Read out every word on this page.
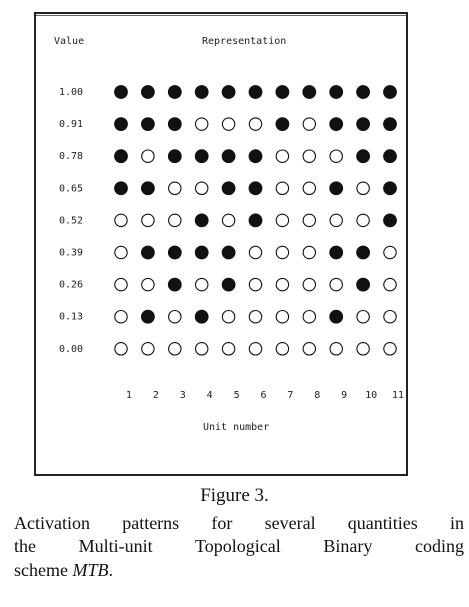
Value	Representation
1.00
0.91
0.78
0.65
0.52
0.39
0.26
0.13
0.00
1 2 3 4 5 6 7 8 9 10 11
Unit number
Figure 3.
Activation patterns for several quantities in
the Multi-unit Topological Binary coding
scheme MTB.
